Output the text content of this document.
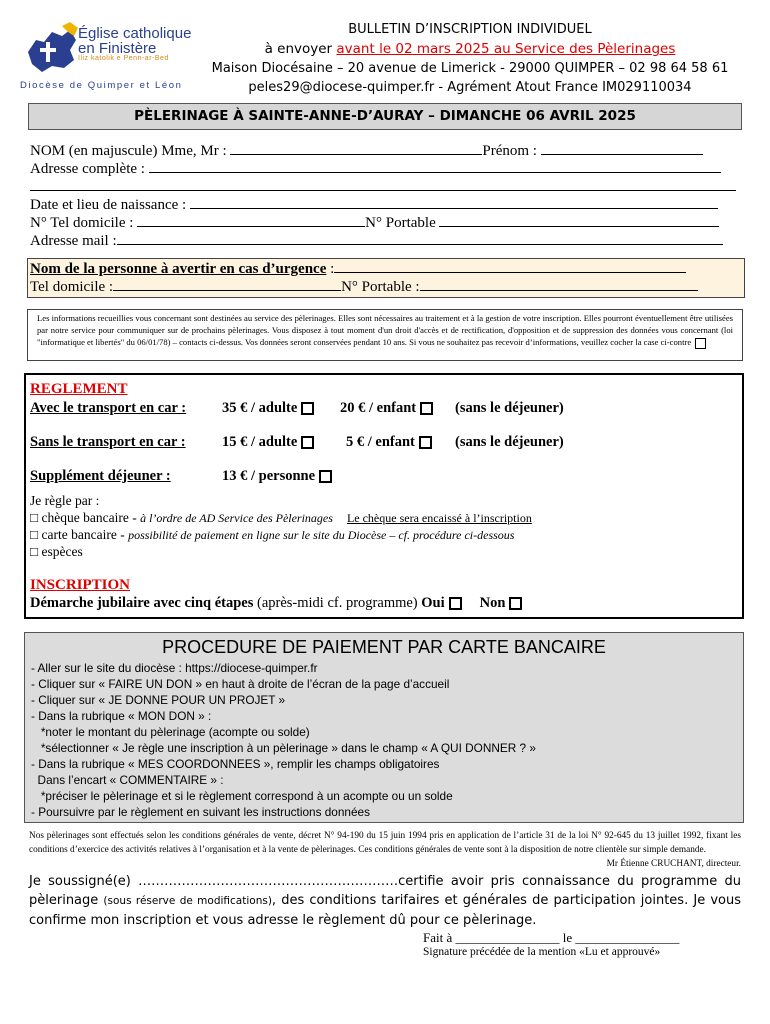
Église catholique
en Finistère
Iliz katolik e Penn-ar-Bed
Diocèse de Quimper et Léon
BULLETIN D’INSCRIPTION INDIVIDUEL
à envoyer avant le 02 mars 2025 au Service des Pèlerinages
Maison Diocésaine – 20 avenue de Limerick - 29000 QUIMPER – 02 98 64 58 61
peles29@diocese-quimper.fr - Agrément Atout France IM029110034
PÈLERINAGE À SAINTE-ANNE-D’AURAY – DIMANCHE 06 AVRIL 2025
NOM (en majuscule) Mme, Mr :	Prénom :
Adresse complète :
Date et lieu de naissance :
N° Tel domicile :	N° Portable
Adresse mail :
Nom de la personne à avertir en cas d’urgence :
Tel domicile :	N° Portable :
Les informations recueillies vous concernant sont destinées au service des pèlerinages. Elles sont nécessaires au traitement et à la gestion de votre inscription. Elles pourront éventuellement être utilisées par notre service pour communiquer sur de prochains pèlerinages. Vous disposez à tout moment d'un droit d'accès et de rectification, d'opposition et de suppression des données vous concernant (loi "informatique et libertés" du 06/01/78) – contacts ci-dessus. Vos données seront conservées pendant 10 ans. Si vous ne souhaitez pas recevoir d’informations, veuillez cocher la case ci-contre
REGLEMENT
Avec le transport en car : 35 € / adulte	20 € / enfant	(sans le déjeuner)
Sans le transport en car :	15 € / adulte	5 € / enfant	(sans le déjeuner)
Supplément déjeuner :	13 € / personne
Je règle par :
□ chèque bancaire - à l’ordre de AD Service des Pèlerinages Le chèque sera encaissé à l’inscription
□ carte bancaire - possibilité de paiement en ligne sur le site du Diocèse – cf. procédure ci-dessous
□ espèces
INSCRIPTION
Démarche jubilaire avec cinq étapes (après-midi cf. programme) Oui Non
PROCEDURE DE PAIEMENT PAR CARTE BANCAIRE
- Aller sur le site du diocèse : https://diocese-quimper.fr
- Cliquer sur « FAIRE UN DON » en haut à droite de l’écran de la page d’accueil
- Cliquer sur « JE DONNE POUR UN PROJET »
- Dans la rubrique « MON DON » :
*noter le montant du pèlerinage (acompte ou solde)
*sélectionner « Je règle une inscription à un pèlerinage » dans le champ « A QUI DONNER ? »
- Dans la rubrique « MES COORDONNEES », remplir les champs obligatoires
Dans l’encart « COMMENTAIRE » :
*préciser le pèlerinage et si le règlement correspond à un acompte ou un solde
- Poursuivre par le règlement en suivant les instructions données
Nos pèlerinages sont effectués selon les conditions générales de vente, décret N° 94-190 du 15 juin 1994 pris en application de l’article 31 de la loi N° 92-645 du 13 juillet 1992, fixant les conditions d’exercice des activités relatives à l’organisation et à la vente de pèlerinages. Ces conditions générales de vente sont à la disposition de notre clientèle sur simple demande.
Mr Étienne CRUCHANT, directeur.
Je soussigné(e) ……………………………………………………certifie avoir pris connaissance du programme du pèlerinage (sous réserve de modifications), des conditions tarifaires et générales de participation jointes. Je vous confirme mon inscription et vous adresse le règlement dû pour ce pèlerinage.
Fait à ________________ le ________________
Signature précédée de la mention «Lu et approuvé»
